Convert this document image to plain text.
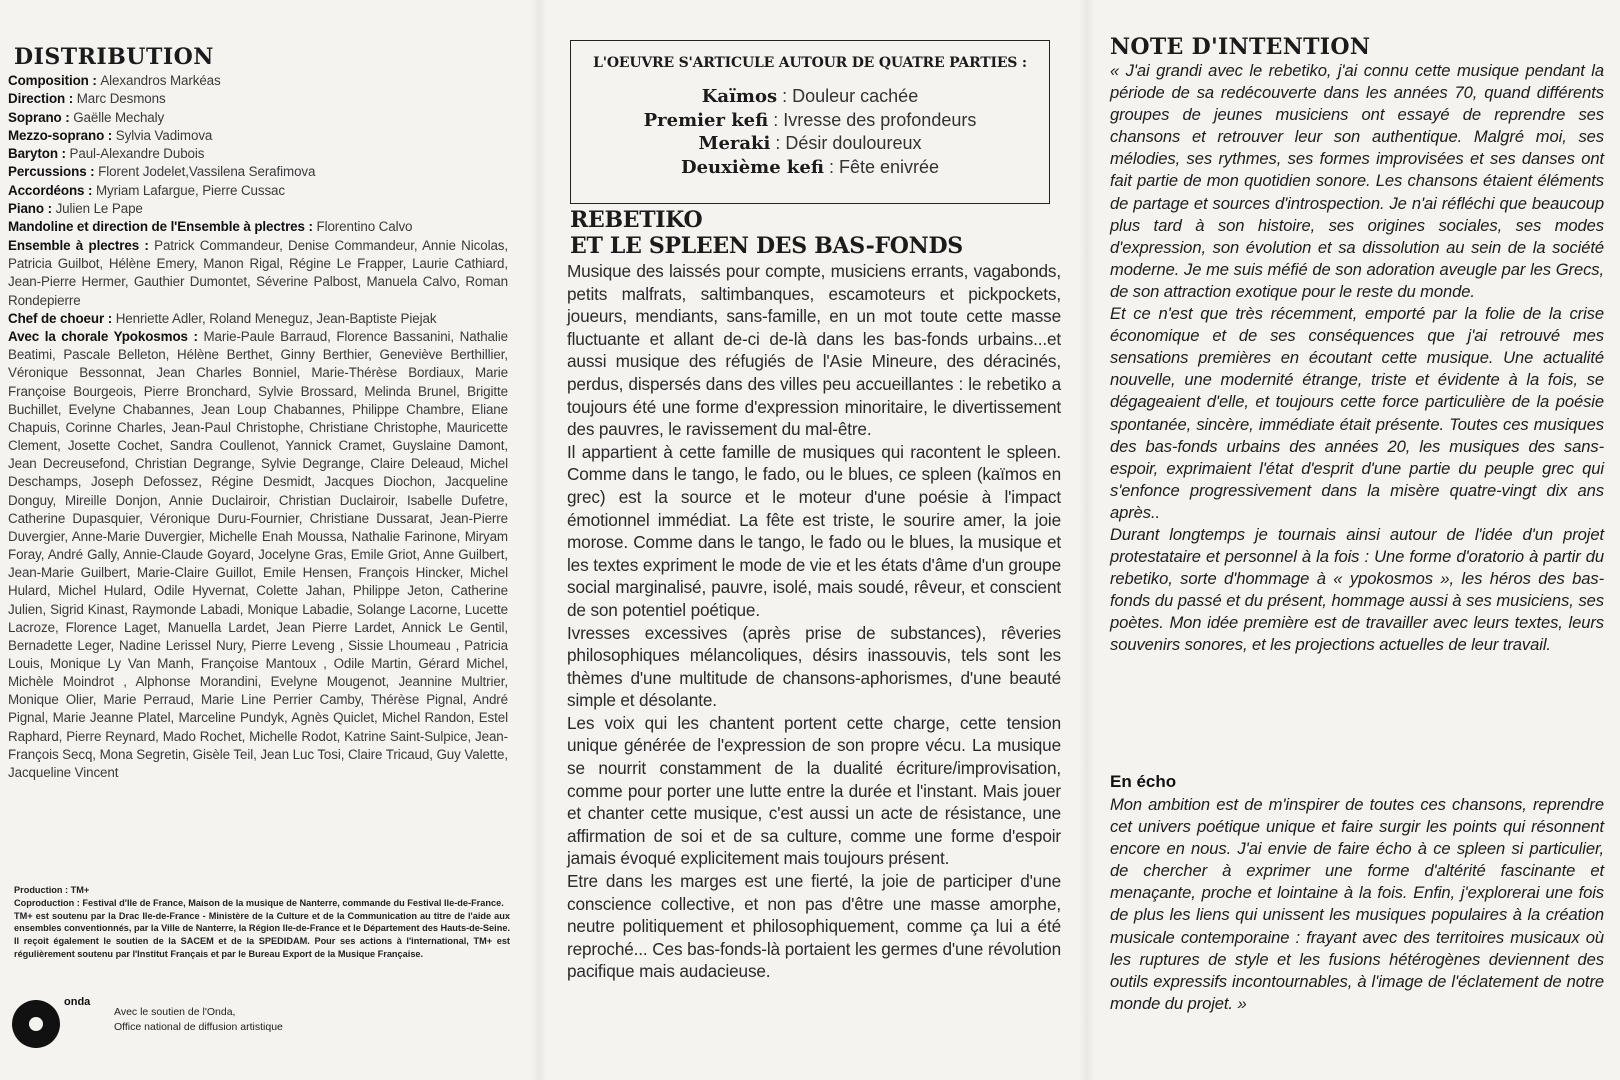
DISTRIBUTION

Composition : Alexandros Markéas

Direction : Marc Desmons

Soprano : Gaëlle Mechaly

Mezzo-soprano : Sylvia Vadimova

Baryton : Paul-Alexandre Dubois

Percussions : Florent Jodelet,Vassilena Serafimova

Accordéons : Myriam Lafargue, Pierre Cussac

Piano : Julien Le Pape

Mandoline et direction de l'Ensemble à plectres : Florentino Calvo

Ensemble à plectres : Patrick Commandeur, Denise Commandeur, Annie Nicolas, Patricia Guilbot, Hélène Emery, Manon Rigal, Régine Le Frapper, Laurie Cathiard, Jean-Pierre Hermer, Gauthier Dumontet, Séverine Palbost, Manuela Calvo, Roman Rondepierre

Chef de choeur : Henriette Adler, Roland Meneguz, Jean-Baptiste Piejak

Avec la chorale Ypokosmos : Marie-Paule Barraud, Florence Bassanini, Nathalie Beatimi, Pascale Belleton, Hélène Berthet, Ginny Berthier, Geneviève Berthillier, Véronique Bessonnat, Jean Charles Bonniel, Marie-Thérèse Bordiaux, Marie Françoise Bourgeois, Pierre Bronchard, Sylvie Brossard, Melinda Brunel, Brigitte Buchillet, Evelyne Chabannes, Jean Loup Chabannes, Philippe Chambre, Eliane Chapuis, Corinne Charles, Jean-Paul Christophe, Christiane Christophe, Mauricette Clement, Josette Cochet, Sandra Coullenot, Yannick Cramet, Guyslaine Damont, Jean Decreusefond, Christian Degrange, Sylvie Degrange, Claire Deleaud, Michel Deschamps, Joseph Defossez, Régine Desmidt, Jacques Diochon, Jacqueline Donguy, Mireille Donjon, Annie Duclairoir, Christian Duclairoir, Isabelle Dufetre, Catherine Dupasquier, Véronique Duru-Fournier, Christiane Dussarat, Jean-Pierre Duvergier, Anne-Marie Duvergier, Michelle Enah Moussa, Nathalie Farinone, Miryam Foray, André Gally, Annie-Claude Goyard, Jocelyne Gras, Emile Griot, Anne Guilbert, Jean-Marie Guilbert, Marie-Claire Guillot, Emile Hensen, François Hincker, Michel Hulard, Michel Hulard, Odile Hyvernat, Colette Jahan, Philippe Jeton, Catherine Julien, Sigrid Kinast, Raymonde Labadi, Monique Labadie, Solange Lacorne, Lucette Lacroze, Florence Laget, Manuella Lardet, Jean Pierre Lardet, Annick Le Gentil, Bernadette Leger, Nadine Lerissel Nury, Pierre Leveng , Sissie Lhoumeau , Patricia Louis, Monique Ly Van Manh, Françoise Mantoux , Odile Martin, Gérard Michel, Michèle Moindrot , Alphonse Morandini, Evelyne Mougenot, Jeannine Multrier, Monique Olier, Marie Perraud, Marie Line Perrier Camby, Thérèse Pignal, André Pignal, Marie Jeanne Platel, Marceline Pundyk, Agnès Quiclet, Michel Randon, Estel Raphard, Pierre Reynard, Mado Rochet, Michelle Rodot, Katrine Saint-Sulpice, Jean-François Secq, Mona Segretin, Gisèle Teil, Jean Luc Tosi, Claire Tricaud, Guy Valette, Jacqueline Vincent

Production : TM+

Coproduction : Festival d'Ile de France, Maison de la musique de Nanterre, commande du Festival Ile-de-France.

TM+ est soutenu par la Drac Ile-de-France - Ministère de la Culture et de la Communication au titre de l'aide aux ensembles conventionnés, par la Ville de Nanterre, la Région Ile-de-France et le Département des Hauts-de-Seine. Il reçoit également le soutien de la SACEM et de la SPEDIDAM. Pour ses actions à l'international, TM+ est régulièrement soutenu par l'Institut Français et par le Bureau Export de la Musique Française.

onda
Avec le soutien de l'Onda,
Office national de diffusion artistique
L'OEUVRE S'ARTICULE AUTOUR DE QUATRE PARTIES :
Kaïmos : Douleur cachée
Premier kefi : Ivresse des profondeurs
Meraki : Désir douloureux
Deuxième kefi : Fête enivrée
REBETIKO
ET LE SPLEEN DES BAS-FONDS

Musique des laissés pour compte, musiciens errants, vagabonds, petits malfrats, saltimbanques, escamoteurs et pickpockets, joueurs, mendiants, sans-famille, en un mot toute cette masse fluctuante et allant de-ci de-là dans les bas-fonds urbains...et aussi musique des réfugiés de l'Asie Mineure, des déracinés, perdus, dispersés dans des villes peu accueillantes : le rebetiko a toujours été une forme d'expression minoritaire, le divertissement des pauvres, le ravissement du mal-être.

Il appartient à cette famille de musiques qui racontent le spleen. Comme dans le tango, le fado, ou le blues, ce spleen (kaïmos en grec) est la source et le moteur d'une poésie à l'impact émotionnel immédiat. La fête est triste, le sourire amer, la joie morose. Comme dans le tango, le fado ou le blues, la musique et les textes expriment le mode de vie et les états d'âme d'un groupe social marginalisé, pauvre, isolé, mais soudé, rêveur, et conscient de son potentiel poétique.

Ivresses excessives (après prise de substances), rêveries philosophiques mélancoliques, désirs inassouvis, tels sont les thèmes d'une multitude de chansons-aphorismes, d'une beauté simple et désolante.

Les voix qui les chantent portent cette charge, cette tension unique générée de l'expression de son propre vécu. La musique se nourrit constamment de la dualité écriture/improvisation, comme pour porter une lutte entre la durée et l'instant. Mais jouer et chanter cette musique, c'est aussi un acte de résistance, une affirmation de soi et de sa culture, comme une forme d'espoir jamais évoqué explicitement mais toujours présent.

Etre dans les marges est une fierté, la joie de participer d'une conscience collective, et non pas d'être une masse amorphe, neutre politiquement et philosophiquement, comme ça lui a été reproché... Ces bas-fonds-là portaient les germes d'une révolution pacifique mais audacieuse.

NOTE D'INTENTION

« J'ai grandi avec le rebetiko, j'ai connu cette musique pendant la période de sa redécouverte dans les années 70, quand différents groupes de jeunes musiciens ont essayé de reprendre ses chansons et retrouver leur son authentique. Malgré moi, ses mélodies, ses rythmes, ses formes improvisées et ses danses ont fait partie de mon quotidien sonore. Les chansons étaient éléments de partage et sources d'introspection. Je n'ai réfléchi que beaucoup plus tard à son histoire, ses origines sociales, ses modes d'expression, son évolution et sa dissolution au sein de la société moderne. Je me suis méfié de son adoration aveugle par les Grecs, de son attraction exotique pour le reste du monde.

Et ce n'est que très récemment, emporté par la folie de la crise économique et de ses conséquences que j'ai retrouvé mes sensations premières en écoutant cette musique. Une actualité nouvelle, une modernité étrange, triste et évidente à la fois, se dégageaient d'elle, et toujours cette force particulière de la poésie spontanée, sincère, immédiate était présente. Toutes ces musiques des bas-fonds urbains des années 20, les musiques des sans-espoir, exprimaient l'état d'esprit d'une partie du peuple grec qui s'enfonce progressivement dans la misère quatre-vingt dix ans après..

Durant longtemps je tournais ainsi autour de l'idée d'un projet protestataire et personnel à la fois : Une forme d'oratorio à partir du rebetiko, sorte d'hommage à « ypokosmos », les héros des bas-fonds du passé et du présent, hommage aussi à ses musiciens, ses poètes. Mon idée première est de travailler avec leurs textes, leurs souvenirs sonores, et les projections actuelles de leur travail.

En écho
Mon ambition est de m'inspirer de toutes ces chansons, reprendre cet univers poétique unique et faire surgir les points qui résonnent encore en nous. J'ai envie de faire écho à ce spleen si particulier, de chercher à exprimer une forme d'altérité fascinante et menaçante, proche et lointaine à la fois. Enfin, j'explorerai une fois de plus les liens qui unissent les musiques populaires à la création musicale contemporaine : frayant avec des territoires musicaux où les ruptures de style et les fusions hétérogènes deviennent des outils expressifs incontournables, à l'image de l'éclatement de notre monde du projet. »
